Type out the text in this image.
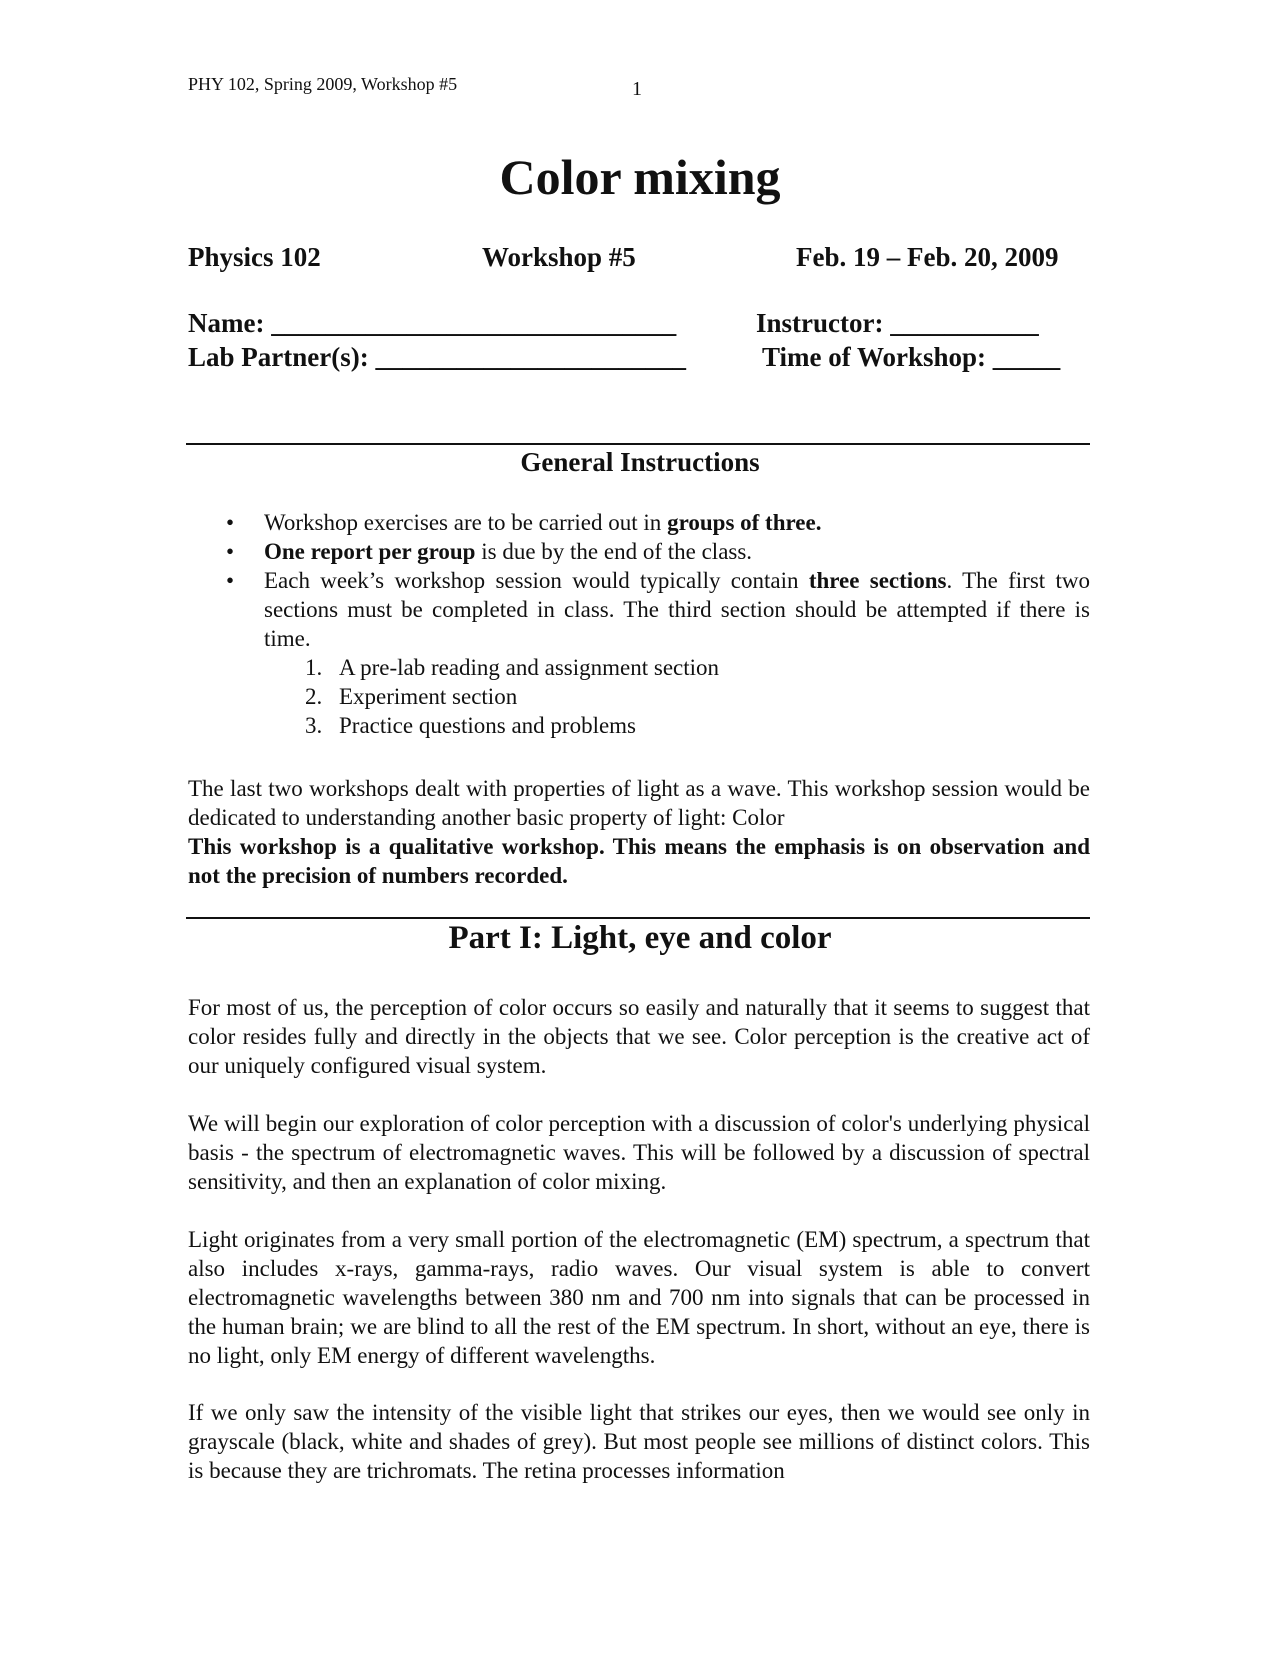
PHY 102, Spring 2009, Workshop #5	1
Color mixing
Physics 102	Workshop #5	Feb. 19 – Feb. 20, 2009
Name: ______________________________
Lab Partner(s): _______________________
Instructor: ___________
Time of Workshop: _____
General Instructions
• Workshop exercises are to be carried out in groups of three.
• One report per group is due by the end of the class.
• Each week’s workshop session would typically contain three sections. The first two sections must be completed in class. The third section should be attempted if there is time.
1. A pre-lab reading and assignment section
2. Experiment section
3. Practice questions and problems

The last two workshops dealt with properties of light as a wave. This workshop session would be dedicated to understanding another basic property of light: Color

This workshop is a qualitative workshop. This means the emphasis is on observation and not the precision of numbers recorded.

Part I: Light, eye and color

For most of us, the perception of color occurs so easily and naturally that it seems to suggest that color resides fully and directly in the objects that we see. Color perception is the creative act of our uniquely configured visual system.

We will begin our exploration of color perception with a discussion of color's underlying physical basis - the spectrum of electromagnetic waves. This will be followed by a discussion of spectral sensitivity, and then an explanation of color mixing.

Light originates from a very small portion of the electromagnetic (EM) spectrum, a spectrum that also includes x-rays, gamma-rays, radio waves. Our visual system is able to convert electromagnetic wavelengths between 380 nm and 700 nm into signals that can be processed in the human brain; we are blind to all the rest of the EM spectrum. In short, without an eye, there is no light, only EM energy of different wavelengths.

If we only saw the intensity of the visible light that strikes our eyes, then we would see only in grayscale (black, white and shades of grey). But most people see millions of distinct colors. This is because they are trichromats. The retina processes information
